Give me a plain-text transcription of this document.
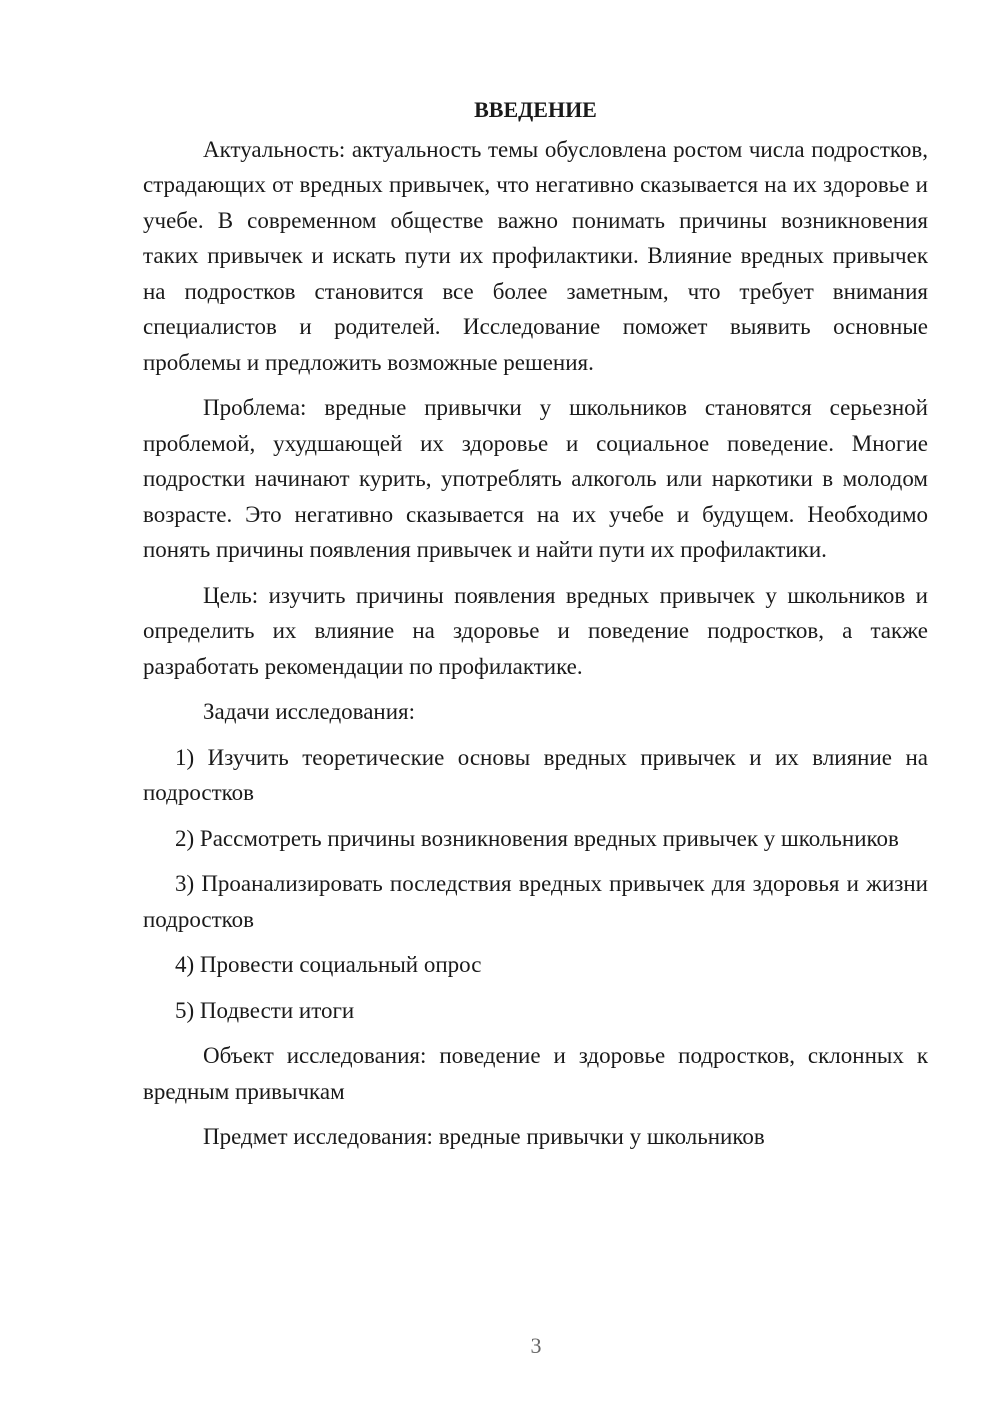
ВВЕДЕНИЕ

Актуальность: актуальность темы обусловлена ростом числа подростков, страдающих от вредных привычек, что негативно сказывается на их здоровье и учебе. В современном обществе важно понимать причины возникновения таких привычек и искать пути их профилактики. Влияние вредных привычек на подростков становится все более заметным, что требует внимания специалистов и родителей. Исследование поможет выявить основные проблемы и предложить возможные решения.

Проблема: вредные привычки у школьников становятся серьезной проблемой, ухудшающей их здоровье и социальное поведение. Многие подростки начинают курить, употреблять алкоголь или наркотики в молодом возрасте. Это негативно сказывается на их учебе и будущем. Необходимо понять причины появления привычек и найти пути их профилактики.

Цель: изучить причины появления вредных привычек у школьников и определить их влияние на здоровье и поведение подростков, а также разработать рекомендации по профилактике.

Задачи исследования:

1) Изучить теоретические основы вредных привычек и их влияние на подростков

2) Рассмотреть причины возникновения вредных привычек у школьников

3) Проанализировать последствия вредных привычек для здоровья и жизни подростков

4) Провести социальный опрос

5) Подвести итоги

Объект исследования: поведение и здоровье подростков, склонных к вредным привычкам

Предмет исследования: вредные привычки у школьников

3
